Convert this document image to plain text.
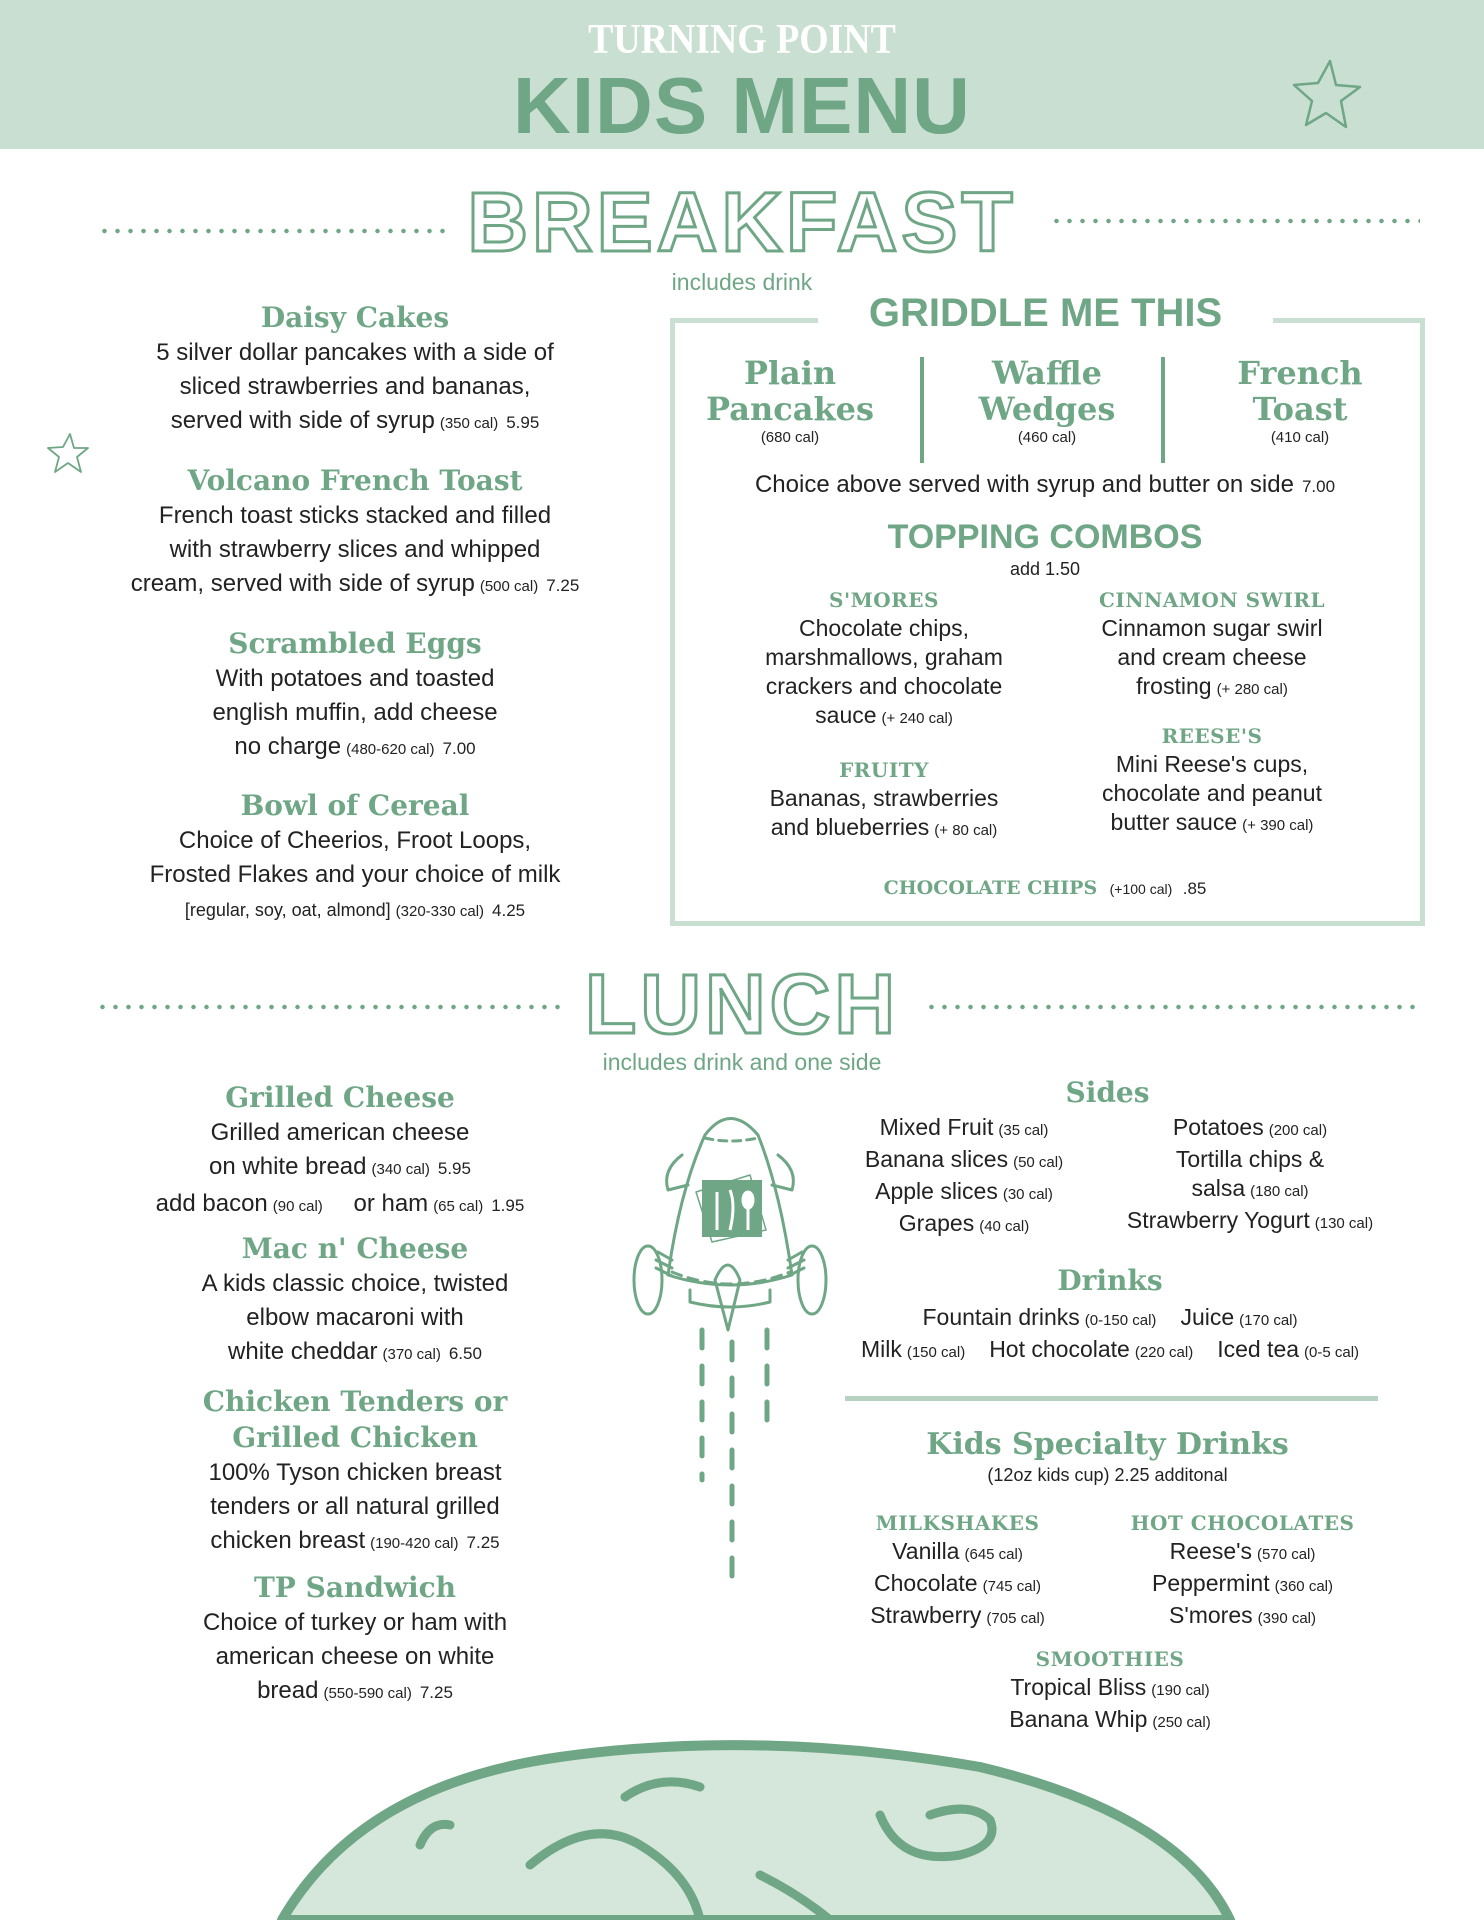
TURNING POINT
KIDS MENU
BREAKFAST
includes drink
Daisy Cakes
5 silver dollar pancakes with a side of
sliced strawberries and bananas,
served with side of syrup (350 cal) 5.95
Volcano French Toast
French toast sticks stacked and filled
with strawberry slices and whipped
cream, served with side of syrup (500 cal) 7.25
Scrambled Eggs
With potatoes and toasted
english muffin, add cheese
no charge (480-620 cal) 7.00
Bowl of Cereal
Choice of Cheerios, Froot Loops,
Frosted Flakes and your choice of milk
[regular, soy, oat, almond] (320-330 cal) 4.25
GRIDDLE ME THIS
Plain Pancakes
(680 cal)
Waffle Wedges
(460 cal)
French Toast
(410 cal)
Choice above served with syrup and butter on side 7.00
TOPPING COMBOS
add 1.50
S'MORES
Chocolate chips,
marshmallows, graham
crackers and chocolate
sauce (+ 240 cal)
FRUITY
Bananas, strawberries
and blueberries (+ 80 cal)
CINNAMON SWIRL
Cinnamon sugar swirl
and cream cheese
frosting (+ 280 cal)
REESE'S
Mini Reese's cups,
chocolate and peanut
butter sauce (+ 390 cal)
CHOCOLATE CHIPS (+100 cal) .85
LUNCH
includes drink and one side
Grilled Cheese
Grilled american cheese
on white bread (340 cal) 5.95
add bacon (90 cal) or ham (65 cal) 1.95
Mac n' Cheese
A kids classic choice, twisted
elbow macaroni with
white cheddar (370 cal) 6.50
Chicken Tenders or Grilled Chicken
100% Tyson chicken breast
tenders or all natural grilled
chicken breast (190-420 cal) 7.25
TP Sandwich
Choice of turkey or ham with
american cheese on white
bread (550-590 cal) 7.25
Sides
Mixed Fruit (35 cal)
Banana slices (50 cal)
Apple slices (30 cal)
Grapes (40 cal)
Potatoes (200 cal)
Tortilla chips &
salsa (180 cal)
Strawberry Yogurt (130 cal)
Drinks
Fountain drinks (0-150 cal) Juice (170 cal)
Milk (150 cal) Hot chocolate (220 cal) Iced tea (0-5 cal)
Kids Specialty Drinks
(12oz kids cup) 2.25 additonal
MILKSHAKES
Vanilla (645 cal)
Chocolate (745 cal)
Strawberry (705 cal)
HOT CHOCOLATES
Reese's (570 cal)
Peppermint (360 cal)
S'mores (390 cal)
SMOOTHIES
Tropical Bliss (190 cal)
Banana Whip (250 cal)
